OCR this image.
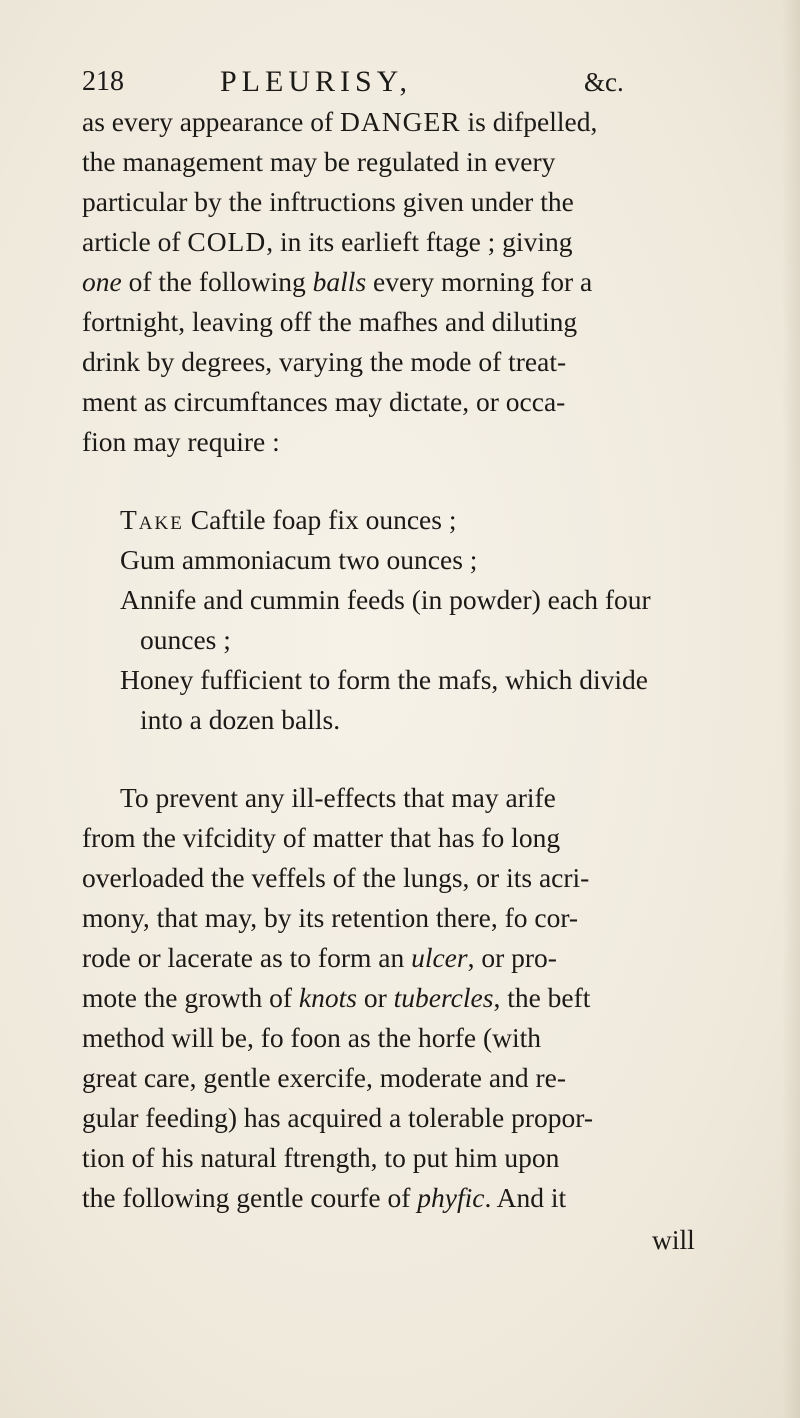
218	PLEURISY,	&c.
as every appearance of DANGER is difpelled,
the management may be regulated in every
particular by the inftructions given under the
article of COLD, in its earlieft ftage ; giving
one of the following balls every morning for a
fortnight, leaving off the mafhes and diluting
drink by degrees, varying the mode of treat-
ment as circumftances may dictate, or occa-
fion may require :
Take Caftile foap fix ounces ;
Gum ammoniacum two ounces ;
Annife and cummin feeds (in powder) each four
ounces ;
Honey fufficient to form the mafs, which divide
into a dozen balls.
To prevent any ill-effects that may arife
from the vifcidity of matter that has fo long
overloaded the veffels of the lungs, or its acri-
mony, that may, by its retention there, fo cor-
rode or lacerate as to form an ulcer, or pro-
mote the growth of knots or tubercles, the beft
method will be, fo foon as the horfe (with
great care, gentle exercife, moderate and re-
gular feeding) has acquired a tolerable propor-
tion of his natural ftrength, to put him upon
the following gentle courfe of phyfic. And it
will
